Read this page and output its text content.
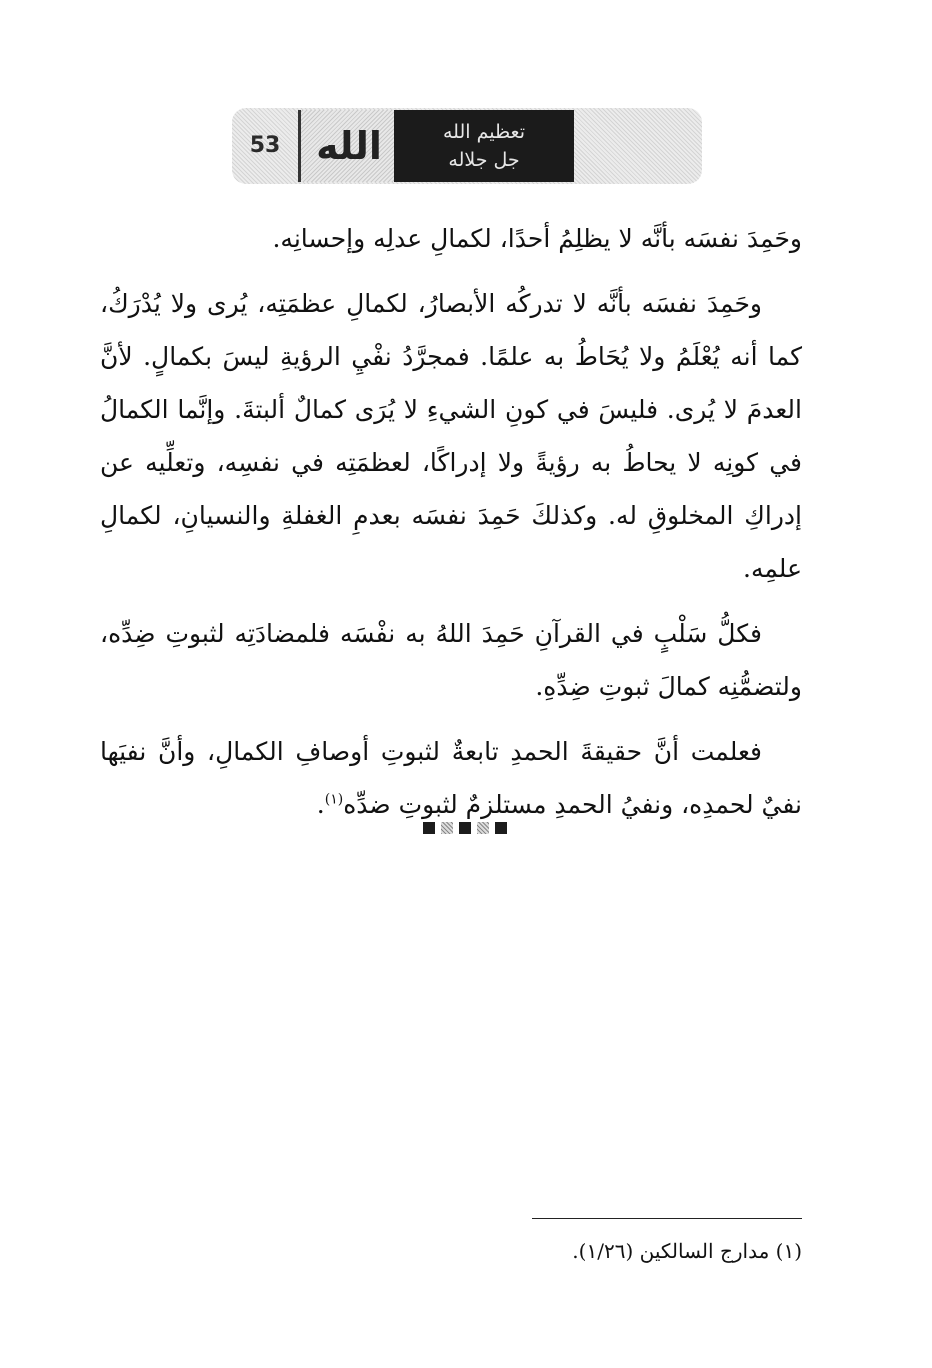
53 الله	تعظيم الله
جل جلاله

وحَمِدَ نفسَه بأنَّه لا يظلِمُ أحدًا، لكمالِ عدلِه وإحسانِه.

وحَمِدَ نفسَه بأنَّه لا تدركُه الأبصارُ، لكمالِ عظمَتِه، يُرى ولا يُدْرَكُ، كما أنه يُعْلَمُ ولا يُحَاطُ به علمًا. فمجرَّدُ نفْيِ الرؤيةِ ليسَ بكمالٍ. لأنَّ العدمَ لا يُرى. فليسَ في كونِ الشيءِ لا يُرَى كمالٌ ألبتةَ. وإنَّما الكمالُ في كونِه لا يحاطُ به رؤيةً ولا إدراكًا، لعظمَتِه في نفسِه، وتعلِّيه عن إدراكِ المخلوقِ له. وكذلكَ حَمِدَ نفسَه بعدمِ الغفلةِ والنسيانِ، لكمالِ علمِه.

فكلُّ سَلْبٍ في القرآنِ حَمِدَ اللهُ به نفْسَه فلمضادَتِه لثبوتِ ضِدِّه، ولتضمُّنِه كمالَ ثبوتِ ضِدِّهِ.

فعلمت أنَّ حقيقةَ الحمدِ تابعةٌ لثبوتِ أوصافِ الكمالِ، وأنَّ نفيَها نفيٌ لحمدِه، ونفيُ الحمدِ مستلزمٌ لثبوتِ ضدِّه$^{(١)}$.

(١) مدارج السالكين (١/٢٦).
